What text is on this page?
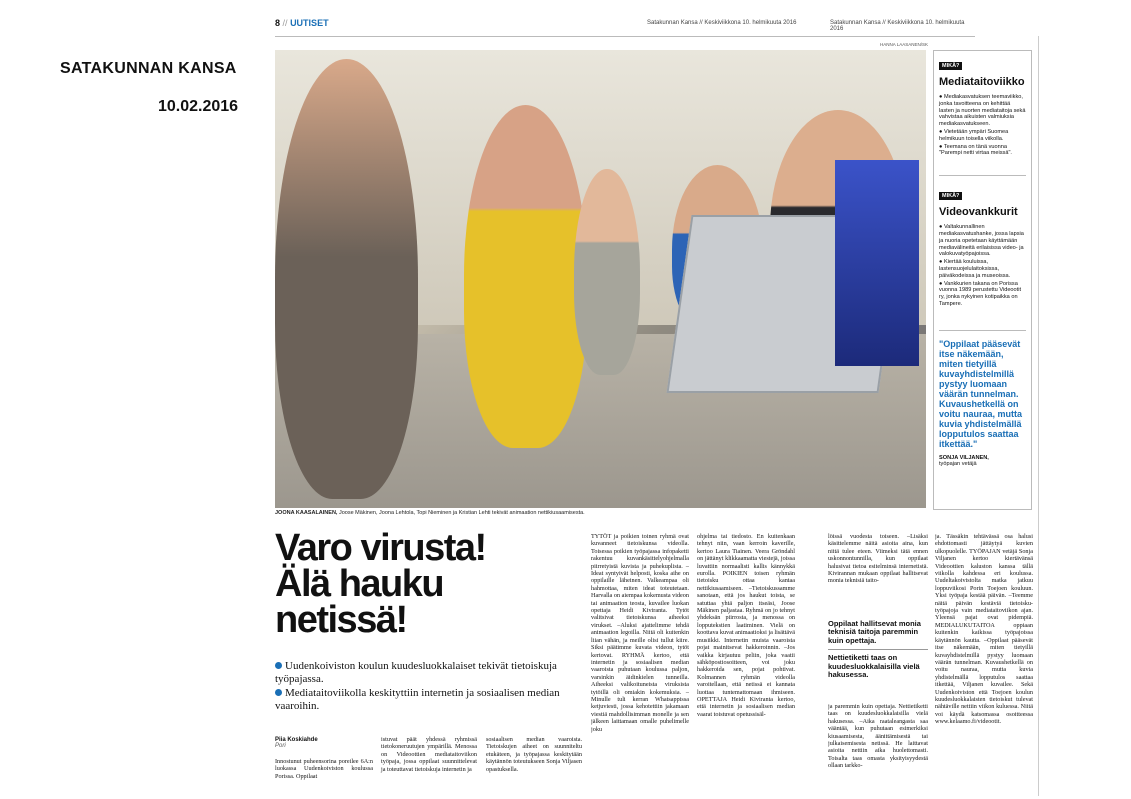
SATAKUNNAN KANSA
10.02.2016
8 // UUTISET	Satakunnan Kansa // Keskiviikkona 10. helmikuuta 2016	Satakunnan Kansa // Keskiviikkona 10. helmikuuta 2016
HANNA LAASANEN/SK
JOONA KAASALAINEN, Joose Mäkinen, Joona Lehtola, Topi Nieminen ja Kristian Lehti tekivät animaation nettikiusaamisesta.
Varo virusta!
Älä hauku
netissä!
Uudenkoiviston koulun kuudesluokkalaiset tekivät tietoiskuja työpajassa.
Mediataitoviikolla keskityttiin internetin ja sosiaalisen median vaaroihin.
Piia Koskiahde
Pori
Innostunut puheensorina poreilee 6A:n luokassa Uudenkoiviston koulussa Porissa. Oppilaat
istuvat päät yhdessä ryhmissä tietokoneruutujen ympärillä. Menossa on Videoottien mediataitoviikon työpaja, jossa oppilaat suunnittelevat ja toteuttavat tietoiskuja internetin ja
sosiaalisen median vaaroista. Tietoiskujen aiheet on suunniteltu etukäteen, ja työpajassa keskitytään käytännön toteutukseen Sonja Viljasen opastuksella.
TYTÖT ja poikien toinen ryhmä ovat kuvanneet tietoiskunsa videolla. Toisessa poikien työpajassa infopaketti rakentuu kuvankäsittelyohjelmalla piirretyistä kuvista ja puhekuplista. –Ideat syntyivät helposti, koska aihe on oppilaille läheinen. Valkeampaa oli hahmottaa, miten ideat toteutetaan. Harvalla on aiempaa kokemusta videon tai animaation teosta, kuvailee luokan opettaja Heidi Kiviranta. Tytöt valitsivat tietoiskunsa aiheeksi virukset. –Aluksi ajattelimme tehdä animaation legoilla. Niitä oli kuitenkin liian vähän, ja meille olisi tullut kiire. Siksi päätimme kuvata videon, tytöt kertovat. RYHMÄ kertoo, että internetin ja sosiaalisen median vaaroista puhutaan koulussa paljon, varsinkin äidinkielen tunneilla. Aiheeksi valikoituneista viruksista tytöillä oli omiakin kokemuksia. –Minulle tuli kerran Whatsappissa ketjuviesti, jossa kehotettiin jakamaan viestiä mahdollisimman monelle ja sen jälkeen laittamaan omalle puhelimelle joku
ohjelma tai tiedosto. En kuitenkaan tehnyt niin, vaan kerroin kaverille, kertoo Laura Tiainen. Veera Gröndahl on jättänyt klikkaamatta viestejä, joissa luvattiin normaalisti kallis kännykkä eurolla. POIKIEN toisen ryhmän tietoisku ottaa kantaa nettikiusaamiseen. –Tietoiskussamme sanotaan, että jos haukut toista, se satuttaa yhtä paljon itseäsi, Joose Mäkinen paljastaa. Ryhmä on jo tehnyt yhdeksän piirrosta, ja menossa on lopputekstien laatiminen. Vielä on koottava kuvat animaatioksi ja lisättävä musiikki. Internetin muista vaaroista pojat mainitsevat hakkeroinnin. –Jos vaikka kirjautuu peliin, joka vaatii sähköpostiosoitteen, voi joku hakkeroida sen, pojat pohtivat. Kolmannen ryhmän videolla varoitellaan, että netissä ei kannata luottaa tuntemattomaan ihmiseen. OPETTAJA Heidi Kiviranta kertoo, että internetin ja sosiaalisen median vaarat toistuvat opetussisäl-
löissä vuodesta toiseen. –Lisäksi käsittelemme näitä asioita aina, kun niitä tulee eteen. Viimeksi tätä ennen uskonnontunnilla, kun oppilaat halusivat tietoa esitelminsä internetistä. Kivirannan mukaan oppilaat hallitsevat monia teknisiä taito-
Oppilaat hallitsevat monia teknisiä taitoja paremmin kuin opettaja.
Nettietiketti taas on kuudesluokkalaisilla vielä hakusessa.
ja paremmin kuin opettaja. Nettietiketti taas on kuudesluokkalaisilla vielä hakusessa. –Aika raataleangasta saa vääntää, kun puhutaan esimerkiksi kiusaamisesta, äänittämisestä tai julkaisemisesta netissä. He laittavat asioita nettiin aika huolettomasti. Toisalta taas omasta yksityisyydestä ollaan tarkko-
ja. Tässäkin tehtävässä osa halusi ehdottomasti jättäytyä kuvien ulkopuolelle. TYÖPAJAN vetäjä Sonja Viljanen kertoo kiertävänsä Videoottien kaluston kanssa tällä viikolla kahdessa eri koulussa. Uudeltakoivistolta matka jatkuu loppuviikosi Porin Toejoen kouluun. Yksi työpaja kestää päivän. –Teemme näitä päivän kestäviä tietoisku-työpajoja vain mediataitoviikon ajan. Yleensä pajat ovat pidempiä. MEDIALUKUTAITOA oppiaan kuitenkin kaikissa työpajoissa käytännön kautta. –Oppilaat pääsevät itse näkemään, miten tietyillä kuvayhdistelmillä pystyy luomaan väärän tunnelman. Kuvaushetkellä on voitu nauraa, mutta kuvia yhdistelmällä lopputulos saattaa itkettää, Viljanen kuvailee. Sekä Uudenkoiviston että Toejoen koulun kuudesluokkalaisten tietoiskut tulevat nähtäville nettiin viikon kuluessa. Niitä voi käydä katsomassa osoitteessa www.kelaamo.fi/videootit.
MIKÄ?
Mediataitoviikko

● Mediakasvatuksen teemaviikko, jonka tavoitteena on kehittää lasten ja nuorten mediataitoja sekä vahvistaa aikuisten valmiuksia mediakasvatukseen.

● Vietetään ympäri Suomea helmikuun toisella viikolla.

● Teemana on tänä vuonna "Parempi netti virtaa meissä".

MIKÄ?
Videovankkurit

● Valtakunnallinen mediakasvatushanke, jossa lapsia ja nuoria opetetaan käyttämään mediavälineitä erilaisissa video- ja valokuvatyöpajoissa.

● Kiertää kouluissa, lastensuojelulaitoksissa, päiväkodeissa ja museoissa.

● Vankkurien takana on Porissa vuonna 1989 perustettu Videootit ry, jonka nykyinen kotipaikka on Tampere.

"Oppilaat pääsevät itse näkemään, miten tietyillä kuvayhdistelmillä pystyy luomaan väärän tunnelman. Kuvaushetkellä on voitu nauraa, mutta kuvia yhdistelmällä lopputulos saattaa itkettää."
SONJA VILJANEN,
työpajan vetäjä
